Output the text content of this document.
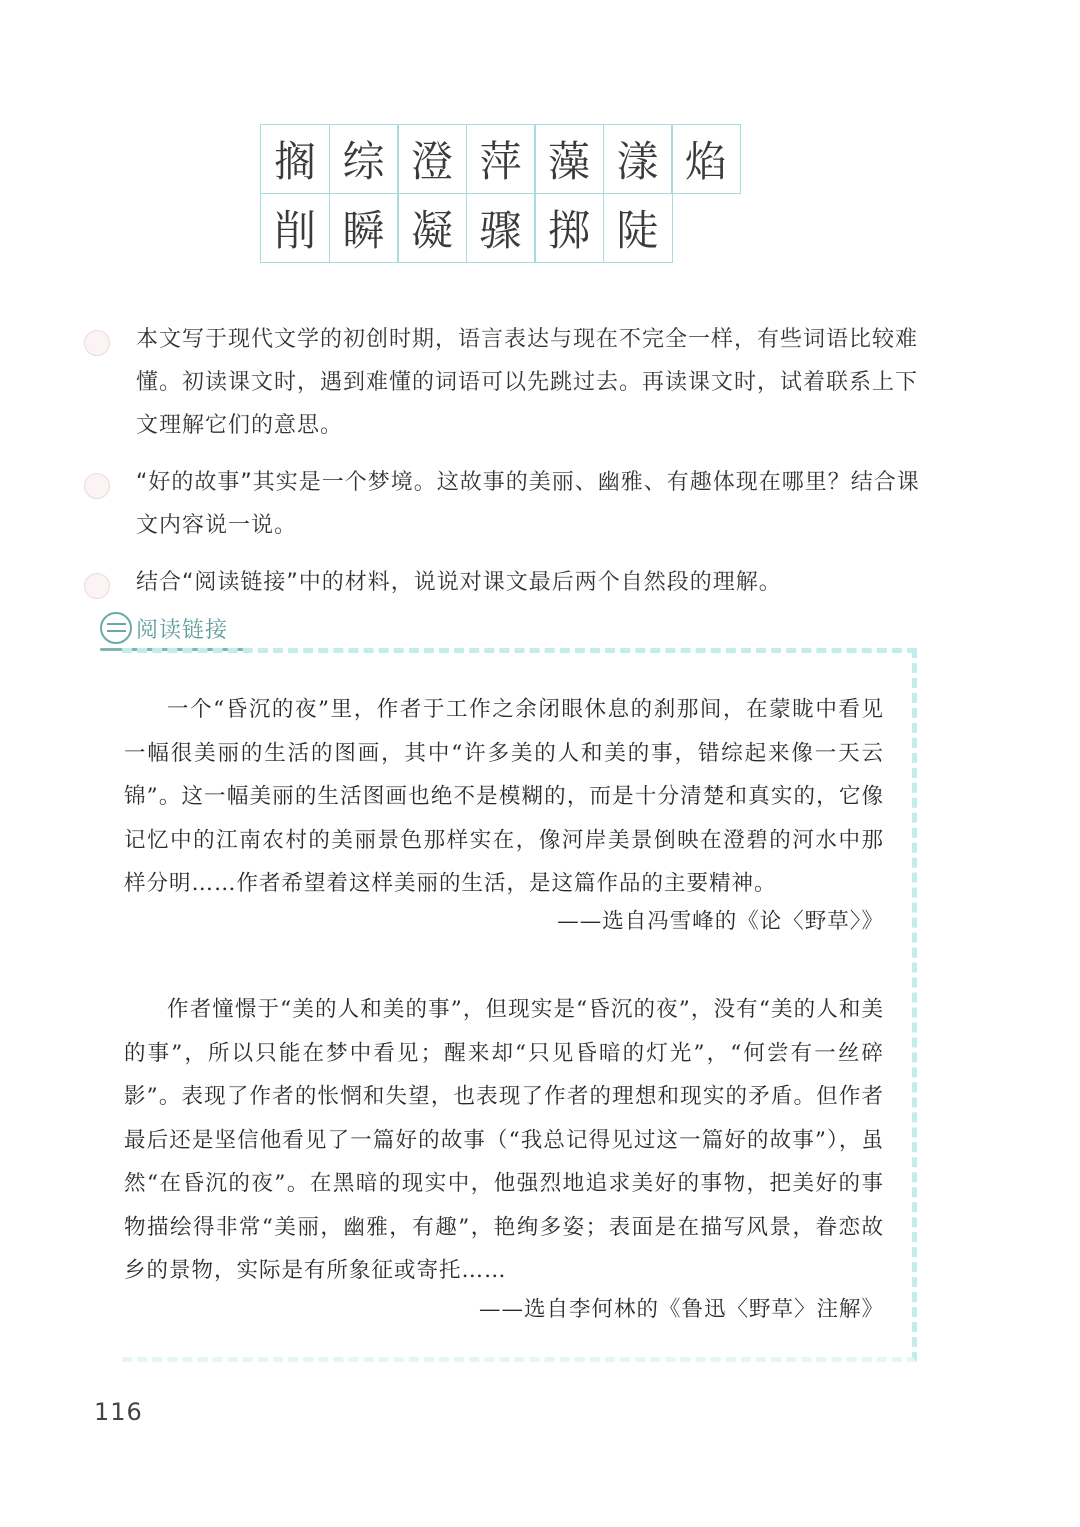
搁 综 澄 萍 藻 漾 焰
削 瞬 凝 骤 掷 陡
本文写于现代文学的初创时期，语言表达与现在不完全一样，有些词语比较难懂。初读课文时，遇到难懂的词语可以先跳过去。再读课文时，试着联系上下文理解它们的意思。
“好的故事”其实是一个梦境。这故事的美丽、幽雅、有趣体现在哪里？结合课文内容说一说。
结合“阅读链接”中的材料，说说对课文最后两个自然段的理解。
阅读链接
一个“昏沉的夜”里，作者于工作之余闭眼休息的刹那间，在蒙眬中看见一幅很美丽的生活的图画，其中“许多美的人和美的事，错综起来像一天云锦”。这一幅美丽的生活图画也绝不是模糊的，而是十分清楚和真实的，它像记忆中的江南农村的美丽景色那样实在，像河岸美景倒映在澄碧的河水中那样分明……作者希望着这样美丽的生活，是这篇作品的主要精神。
——选自冯雪峰的《论〈野草〉》
作者憧憬于“美的人和美的事”，但现实是“昏沉的夜”，没有“美的人和美的事”，所以只能在梦中看见；醒来却“只见昏暗的灯光”，“何尝有一丝碎影”。表现了作者的怅惘和失望，也表现了作者的理想和现实的矛盾。但作者最后还是坚信他看见了一篇好的故事（“我总记得见过这一篇好的故事”），虽然“在昏沉的夜”。在黑暗的现实中，他强烈地追求美好的事物，把美好的事物描绘得非常“美丽，幽雅，有趣”，艳绚多姿；表面是在描写风景，眷恋故乡的景物，实际是有所象征或寄托……
——选自李何林的《鲁迅〈野草〉注解》
116
